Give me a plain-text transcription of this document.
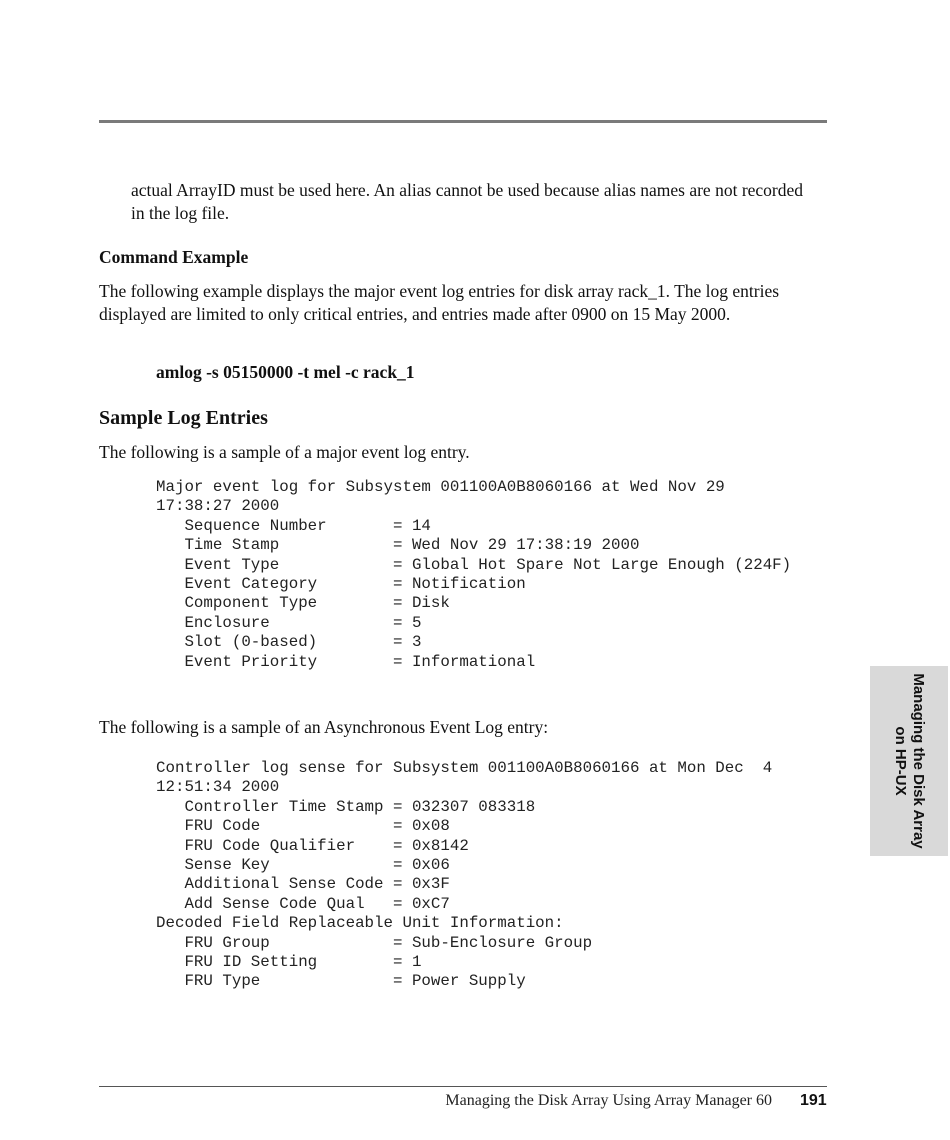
actual ArrayID must be used here. An alias cannot be used because alias names are not recorded in the log file.

Command Example

The following example displays the major event log entries for disk array rack_1. The log entries displayed are limited to only critical entries, and entries made after 0900 on 15 May 2000.

amlog -s 05150000 -t mel -c rack_1

Sample Log Entries

The following is a sample of a major event log entry.

Major event log for Subsystem 001100A0B8060166 at Wed Nov 29
17:38:27 2000
Sequence Number       = 14
Time Stamp            = Wed Nov 29 17:38:19 2000
Event Type            = Global Hot Spare Not Large Enough (224F)
Event Category        = Notification
Component Type        = Disk
Enclosure             = 5
Slot (0-based)        = 3
Event Priority        = Informational

The following is a sample of an Asynchronous Event Log entry:

Controller log sense for Subsystem 001100A0B8060166 at Mon Dec  4
12:51:34 2000
Controller Time Stamp = 032307 083318
FRU Code              = 0x08
FRU Code Qualifier    = 0x8142
Sense Key             = 0x06
Additional Sense Code = 0x3F
Add Sense Code Qual   = 0xC7
Decoded Field Replaceable Unit Information:
FRU Group             = Sub-Enclosure Group
FRU ID Setting        = 1
FRU Type              = Power Supply
Managing the Disk Array
on HP-UX

Managing the Disk Array Using Array Manager 60 191
